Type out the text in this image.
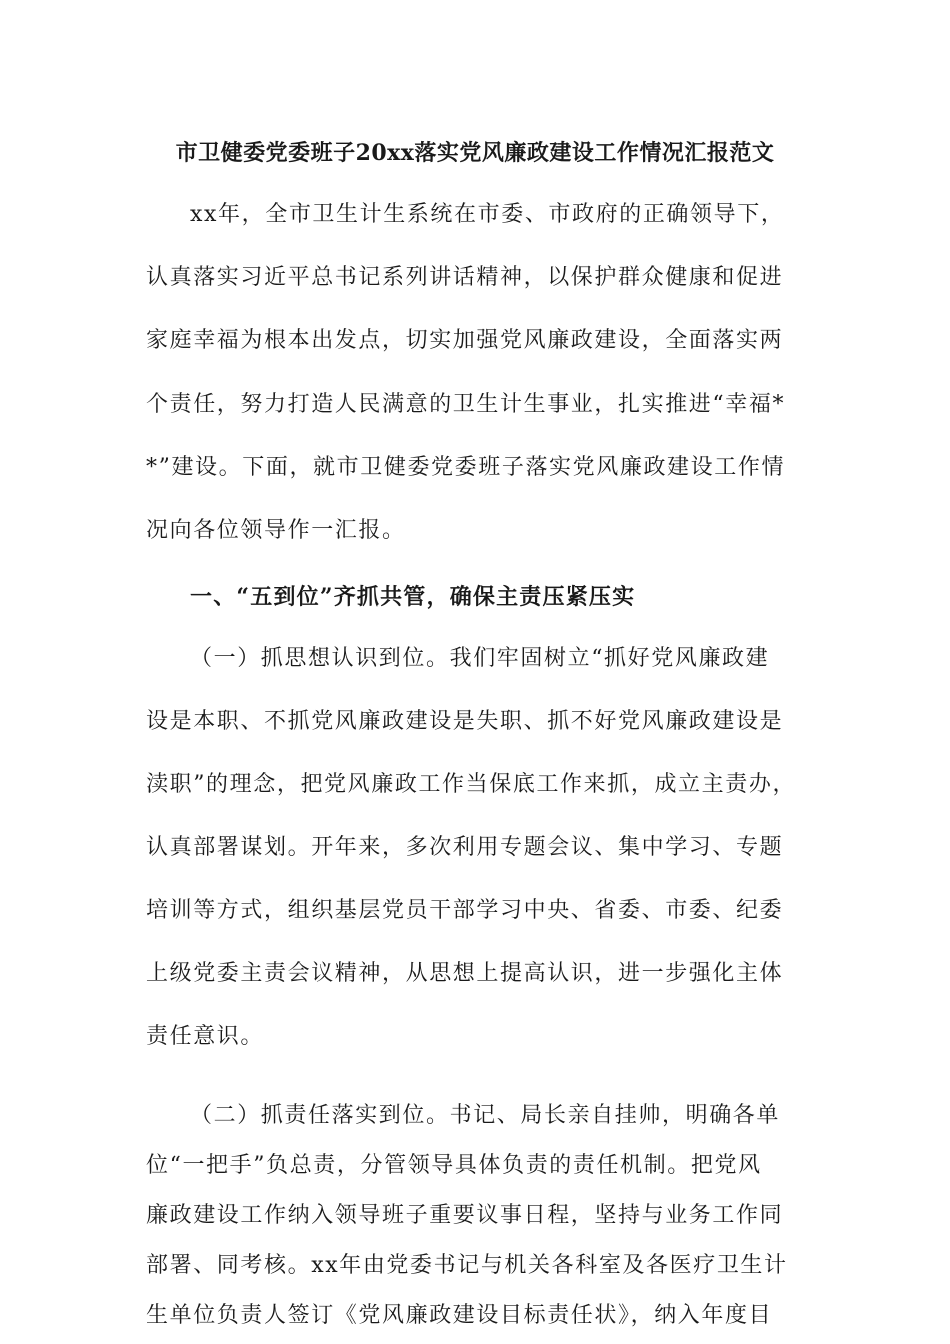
市卫健委党委班子20xx落实党风廉政建设工作情况汇报范文

xx年，全市卫生计生系统在市委、市政府的正确领导下，

认真落实习近平总书记系列讲话精神，以保护群众健康和促进

家庭幸福为根本出发点，切实加强党风廉政建设，全面落实两

个责任，努力打造人民满意的卫生计生事业，扎实推进“幸福*

*”建设。下面，就市卫健委党委班子落实党风廉政建设工作情

况向各位领导作一汇报。

一、“五到位”齐抓共管，确保主责压紧压实

（一）抓思想认识到位。我们牢固树立“抓好党风廉政建

设是本职、不抓党风廉政建设是失职、抓不好党风廉政建设是

渎职”的理念，把党风廉政工作当保底工作来抓，成立主责办，

认真部署谋划。开年来，多次利用专题会议、集中学习、专题

培训等方式，组织基层党员干部学习中央、省委、市委、纪委

上级党委主责会议精神，从思想上提高认识，进一步强化主体

责任意识。

（二）抓责任落实到位。书记、局长亲自挂帅，明确各单

位“一把手”负总责，分管领导具体负责的责任机制。把党风

廉政建设工作纳入领导班子重要议事日程，坚持与业务工作同

部署、同考核。xx年由党委书记与机关各科室及各医疗卫生计

生单位负责人签订《党风廉政建设目标责任状》，纳入年度目
